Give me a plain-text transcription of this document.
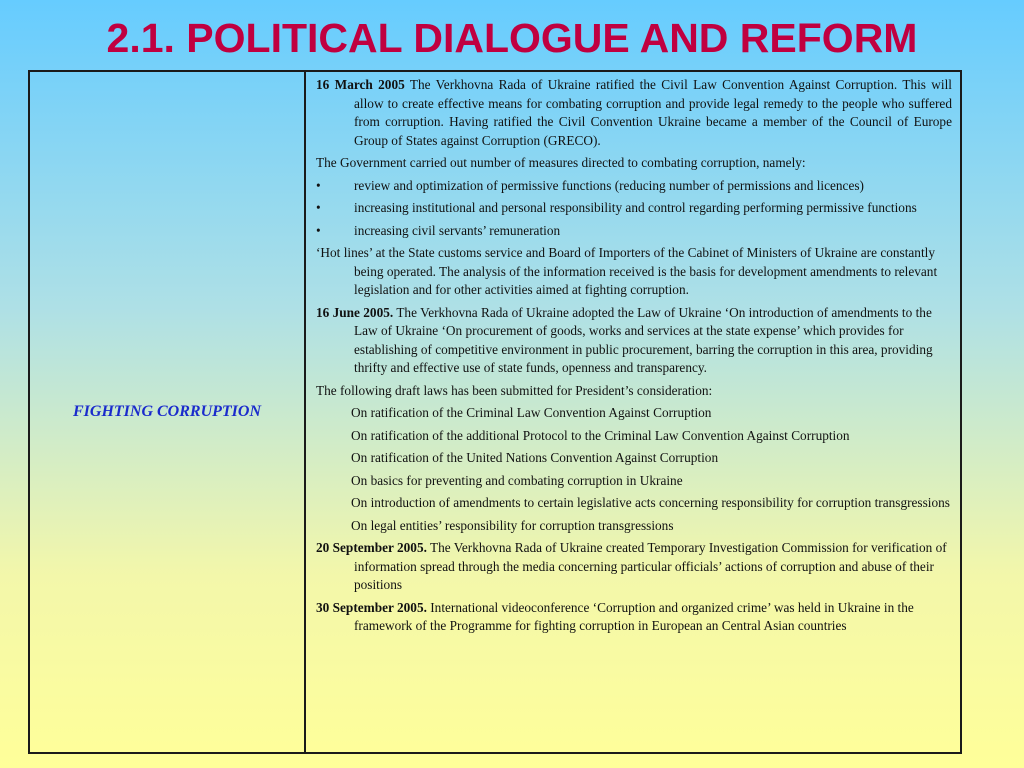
2.1. POLITICAL DIALOGUE AND REFORM
FIGHTING CORRUPTION

16 March 2005 The Verkhovna Rada of Ukraine ratified the Civil Law Convention Against Corruption. This will allow to create effective means for combating corruption and provide legal remedy to the people who suffered from corruption. Having ratified the Civil Convention Ukraine became a member of the Council of Europe Group of States against Corruption (GRECO).

The Government carried out number of measures directed to combating corruption, namely:

•	review and optimization of permissive functions (reducing number of permissions and licences)
•	increasing institutional and personal responsibility and control regarding performing permissive functions
•	increasing civil servants’ remuneration

‘Hot lines’ at the State customs service and Board of Importers of the Cabinet of Ministers of Ukraine are constantly being operated. The analysis of the information received is the basis for development amendments to relevant legislation and for other activities aimed at fighting corruption.

16 June 2005. The Verkhovna Rada of Ukraine adopted the Law of Ukraine ‘On introduction of amendments to the Law of Ukraine ‘On procurement of goods, works and services at the state expense’ which provides for establishing of competitive environment in public procurement, barring the corruption in this area, providing thrifty and effective use of state funds, openness and transparency.

The following draft laws has been submitted for President’s consideration:

On ratification of the Criminal Law Convention Against Corruption

On ratification of the additional Protocol to the Criminal Law Convention Against Corruption

On ratification of the United Nations Convention Against Corruption

On basics for preventing and combating corruption in Ukraine

On introduction of amendments to certain legislative acts concerning responsibility for corruption transgressions

On legal entities’ responsibility for corruption transgressions

20 September 2005. The Verkhovna Rada of Ukraine created Temporary Investigation Commission for verification of information spread through the media concerning particular officials’ actions of corruption and abuse of their positions

30 September 2005. International videoconference ‘Corruption and organized crime’ was held in Ukraine in the framework of the Programme for fighting corruption in European an Central Asian countries
